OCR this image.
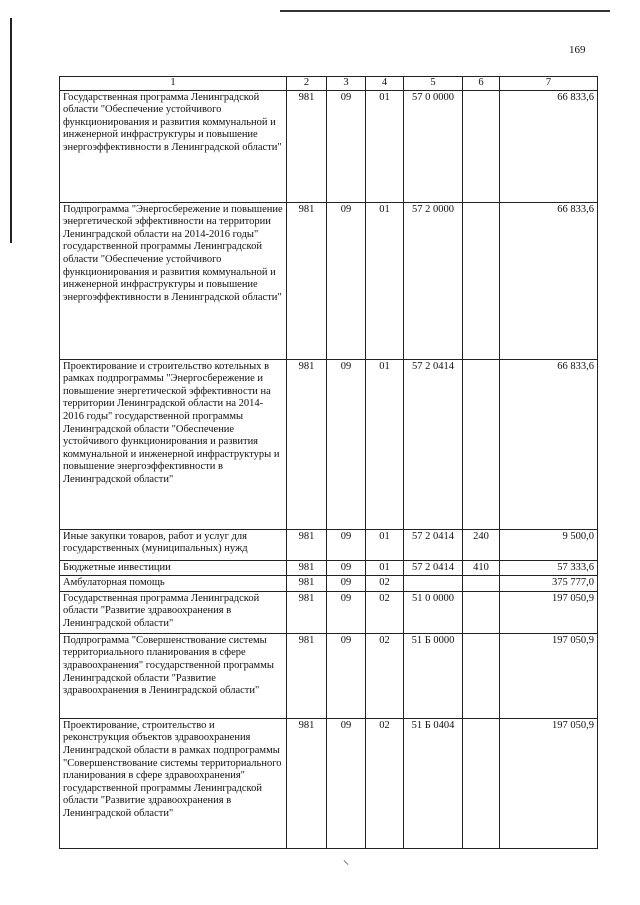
169
1	2	3	4	5	6	7
Государственная программа Ленинградской области "Обеспечение устойчивого функционирования и развития коммунальной и инженерной инфраструктуры и повышение энергоэффективности в Ленинградской области"	981	09	01	57 0 0000		66 833,6
Подпрограмма "Энергосбережение и повышение энергетической эффективности на территории Ленинградской области на 2014-2016 годы" государственной программы Ленинградской области "Обеспечение устойчивого функционирования и развития коммунальной и инженерной инфраструктуры и повышение энергоэффективности в Ленинградской области"	981	09	01	57 2 0000		66 833,6
Проектирование и строительство котельных в рамках подпрограммы "Энергосбережение и повышение энергетической эффективности на территории Ленинградской области на 2014-2016 годы" государственной программы Ленинградской области "Обеспечение устойчивого функционирования и развития коммунальной и инженерной инфраструктуры и повышение энергоэффективности в Ленинградской области"	981	09	01	57 2 0414		66 833,6
Иные закупки товаров, работ и услуг для государственных (муниципальных) нужд	981	09	01	57 2 0414	240	9 500,0
Бюджетные инвестиции	981	09	01	57 2 0414	410	57 333,6
Амбулаторная помощь	981	09	02			375 777,0
Государственная программа Ленинградской области "Развитие здравоохранения в Ленинградской области"	981	09	02	51 0 0000		197 050,9
Подпрограмма "Совершенствование системы территориального планирования в сфере здравоохранения" государственной программы Ленинградской области "Развитие здравоохранения в Ленинградской области"	981	09	02	51 Б 0000		197 050,9
Проектирование, строительство и реконструкция объектов здравоохранения Ленинградской области в рамках подпрограммы "Совершенствование системы территориального планирования в сфере здравоохранения" государственной программы Ленинградской области "Развитие здравоохранения в Ленинградской области"	981	09	02	51 Б 0404		197 050,9
